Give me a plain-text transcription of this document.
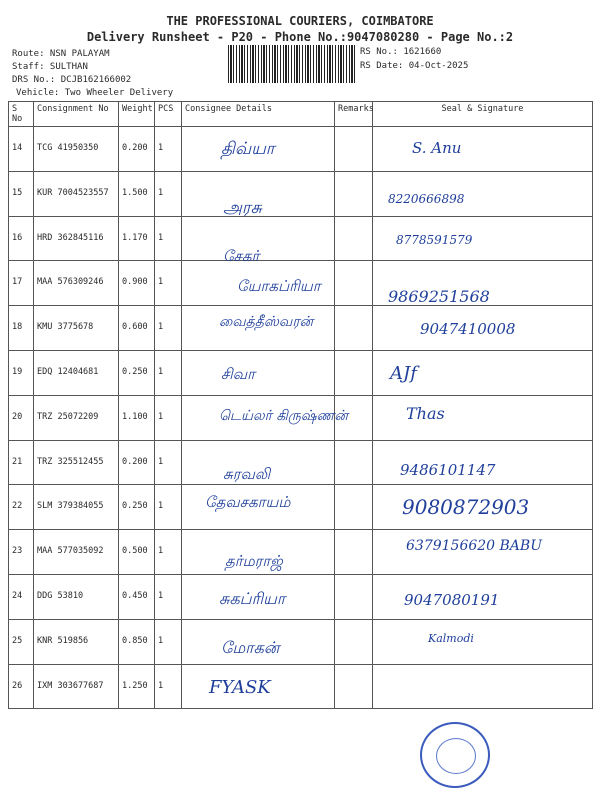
THE PROFESSIONAL COURIERS, COIMBATORE
Delivery Runsheet - P20 - Phone No.:9047080280 - Page No.:2
Route: NSN PALAYAM
Staff: SULTHAN
DRS No.: DCJB162166002
Vehicle: Two Wheeler Delivery
RS No.: 1621660
RS Date: 04-Oct-2025
S No	Consignment No	Weight	PCS	Consignee Details	Remarks	Seal & Signature
14	TCG 41950350	0.200	1	திவ்யா		S. Anu

15	KUR 7004523557	1.500	1	அரசு		8220666898

16	HRD 362845116	1.170	1	சேகர்		8778591579

17	MAA 576309246	0.900	1	யோகப்ரியா		9869251568

18	KMU 3775678	0.600	1	வைத்தீஸ்வரன்		9047410008

19	EDQ 12404681	0.250	1	சிவா		AJf

20	TRZ 25072209	1.100	1	டெய்லர் கிருஷ்ணன்		Thas

21	TRZ 325512455	0.200	1	சுரவலி		9486101147

22	SLM 379384055	0.250	1	தேவசகாயம்		9080872903

23	MAA 577035092	0.500	1	தர்மராஜ்		6379156620 BABU

24	DDG 53810	0.450	1	சுகப்ரியா		9047080191

25	KNR 519856	0.850	1	மோகன்		Kalmodi

26	IXM 303677687	1.250	1	FYASK		
